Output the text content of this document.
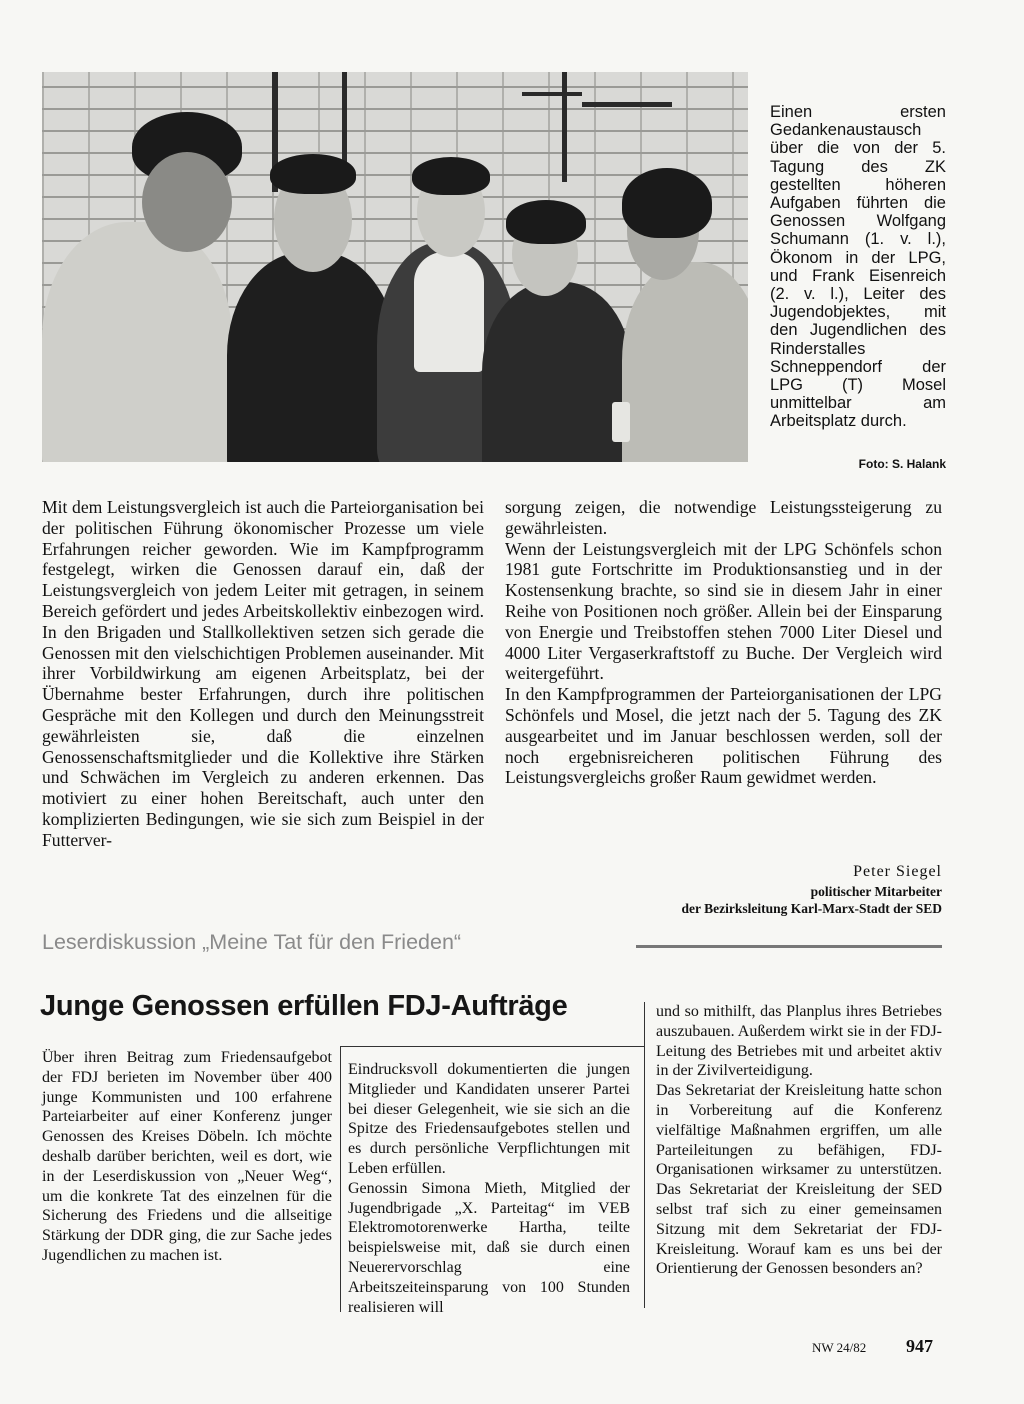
Einen ersten Gedankenaustausch über die von der 5. Tagung des ZK gestellten höheren Aufgaben führten die Genossen Wolfgang Schumann (1. v. l.), Ökonom in der LPG, und Frank Eisenreich (2. v. l.), Leiter des Jugendobjektes, mit den Jugendlichen des Rinderstalles Schneppendorf der LPG (T) Mosel unmittelbar am Arbeitsplatz durch.
Foto: S. Halank

Mit dem Leistungsvergleich ist auch die Parteiorganisation bei der politischen Führung ökonomischer Prozesse um viele Erfahrungen reicher geworden. Wie im Kampfprogramm festgelegt, wirken die Genossen darauf ein, daß der Leistungsvergleich von jedem Leiter mit getragen, in seinem Bereich gefördert und jedes Arbeitskollektiv einbezogen wird. In den Brigaden und Stallkollektiven setzen sich gerade die Genossen mit den vielschichtigen Problemen auseinander. Mit ihrer Vorbildwirkung am eigenen Arbeitsplatz, bei der Übernahme bester Erfahrungen, durch ihre politischen Gespräche mit den Kollegen und durch den Meinungsstreit gewährleisten sie, daß die einzelnen Genossenschaftsmitglieder und die Kollektive ihre Stärken und Schwächen im Vergleich zu anderen erkennen. Das motiviert zu einer hohen Bereitschaft, auch unter den komplizierten Bedingungen, wie sie sich zum Beispiel in der Futterver-

sorgung zeigen, die notwendige Leistungssteigerung zu gewährleisten.

Wenn der Leistungsvergleich mit der LPG Schönfels schon 1981 gute Fortschritte im Produktionsanstieg und in der Kostensenkung brachte, so sind sie in diesem Jahr in einer Reihe von Positionen noch größer. Allein bei der Einsparung von Energie und Treibstoffen stehen 7000 Liter Diesel und 4000 Liter Vergaserkraftstoff zu Buche. Der Vergleich wird weitergeführt.

In den Kampfprogrammen der Parteiorganisationen der LPG Schönfels und Mosel, die jetzt nach der 5. Tagung des ZK ausgearbeitet und im Januar beschlossen werden, soll der noch ergebnisreicheren politischen Führung des Leistungsvergleichs großer Raum gewidmet werden.

Peter Siegel
politischer Mitarbeiter
der Bezirksleitung Karl-Marx-Stadt der SED
Leserdiskussion „Meine Tat für den Frieden“
Junge Genossen erfüllen FDJ-Aufträge

Über ihren Beitrag zum Friedensaufgebot der FDJ berieten im November über 400 junge Kommunisten und 100 erfahrene Parteiarbeiter auf einer Konferenz junger Genossen des Kreises Döbeln. Ich möchte deshalb darüber berichten, weil es dort, wie in der Leserdiskussion von „Neuer Weg“, um die konkrete Tat des einzelnen für die Sicherung des Friedens und die allseitige Stärkung der DDR ging, die zur Sache jedes Jugendlichen zu machen ist.

Eindrucksvoll dokumentierten die jungen Mitglieder und Kandidaten unserer Partei bei dieser Gelegenheit, wie sie sich an die Spitze des Friedensaufgebotes stellen und es durch persönliche Verpflichtungen mit Leben erfüllen.

Genossin Simona Mieth, Mitglied der Jugendbrigade „X. Parteitag“ im VEB Elektromotorenwerke Hartha, teilte beispielsweise mit, daß sie durch einen Neuerervorschlag eine Arbeitszeiteinsparung von 100 Stunden realisieren will

und so mithilft, das Planplus ihres Betriebes auszubauen. Außerdem wirkt sie in der FDJ-Leitung des Betriebes mit und arbeitet aktiv in der Zivilverteidigung.

Das Sekretariat der Kreisleitung hatte schon in Vorbereitung auf die Konferenz vielfältige Maßnahmen ergriffen, um alle Parteileitungen zu befähigen, FDJ-Organisationen wirksamer zu unterstützen. Das Sekretariat der Kreisleitung der SED selbst traf sich zu einer gemeinsamen Sitzung mit dem Sekretariat der FDJ-Kreisleitung. Worauf kam es uns bei der Orientierung der Genossen besonders an?

NW 24/82 947
